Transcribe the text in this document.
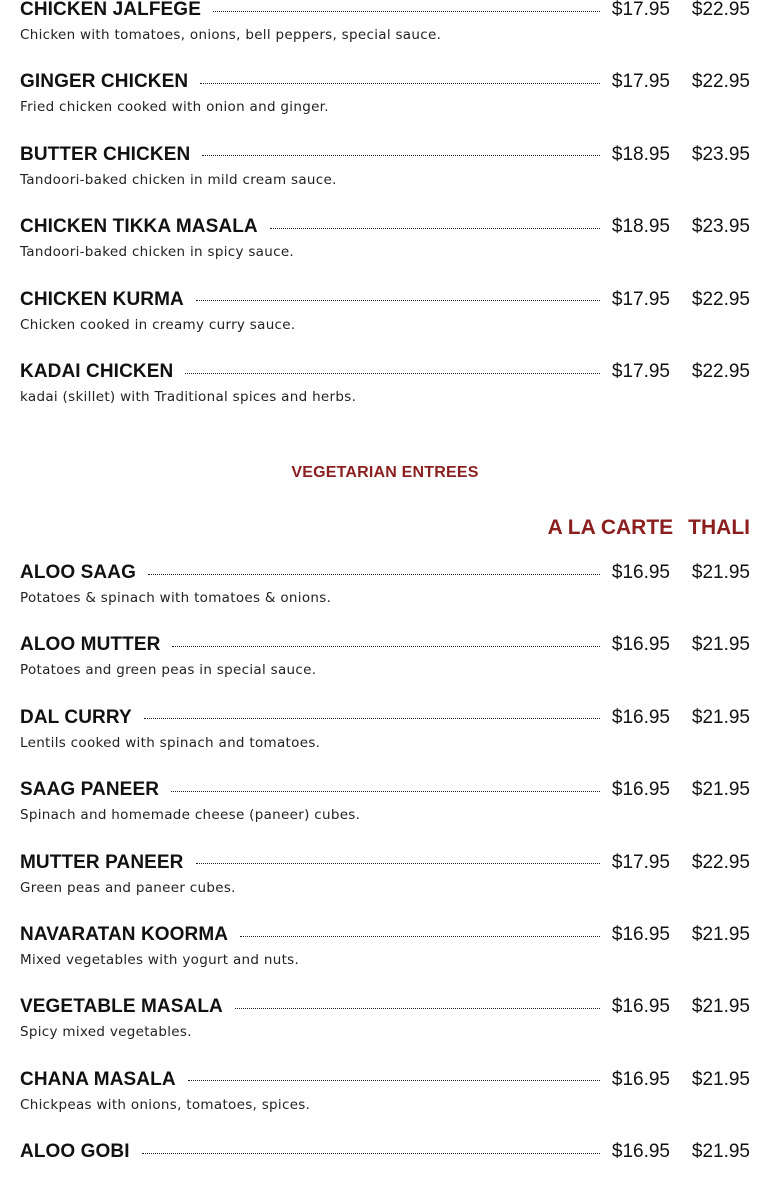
CHICKEN JALFEGE	$17.95	$22.95
Chicken with tomatoes, onions, bell peppers, special sauce.
GINGER CHICKEN	$17.95	$22.95
Fried chicken cooked with onion and ginger.
BUTTER CHICKEN	$18.95	$23.95
Tandoori-baked chicken in mild cream sauce.
CHICKEN TIKKA MASALA	$18.95	$23.95
Tandoori-baked chicken in spicy sauce.
CHICKEN KURMA	$17.95	$22.95
Chicken cooked in creamy curry sauce.
KADAI CHICKEN	$17.95	$22.95
kadai (skillet) with Traditional spices and herbs.
VEGETARIAN ENTREES
A LA CARTE THALI
ALOO SAAG	$16.95	$21.95
Potatoes & spinach with tomatoes & onions.
ALOO MUTTER	$16.95	$21.95
Potatoes and green peas in special sauce.
DAL CURRY	$16.95	$21.95
Lentils cooked with spinach and tomatoes.
SAAG PANEER	$16.95	$21.95
Spinach and homemade cheese (paneer) cubes.
MUTTER PANEER	$17.95	$22.95
Green peas and paneer cubes.
NAVARATAN KOORMA	$16.95	$21.95
Mixed vegetables with yogurt and nuts.
VEGETABLE MASALA	$16.95	$21.95
Spicy mixed vegetables.
CHANA MASALA	$16.95	$21.95
Chickpeas with onions, tomatoes, spices.
ALOO GOBI	$16.95	$21.95
